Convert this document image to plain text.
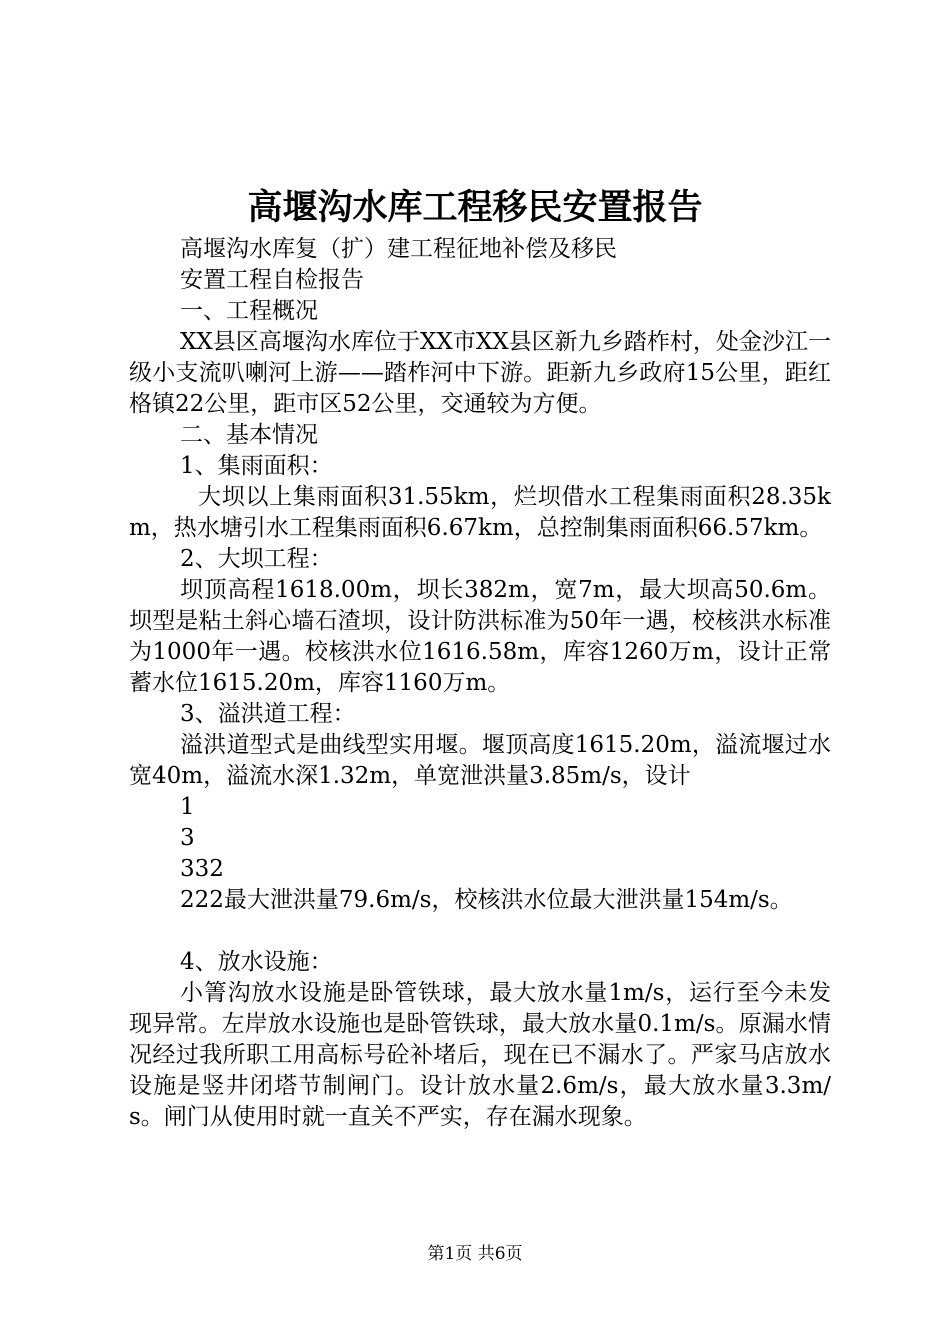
高堰沟水库工程移民安置报告

高堰沟水库复（扩）建工程征地补偿及移民

安置工程自检报告

一、工程概况

XX县区高堰沟水库位于XX市XX县区新九乡踏柞村，处金沙江一级小支流叭喇河上游——踏柞河中下游。距新九乡政府15公里，距红格镇22公里，距市区52公里，交通较为方便。

二、基本情况

1、集雨面积：

大坝以上集雨面积31.55km，烂坝借水工程集雨面积28.35km，热水塘引水工程集雨面积6.67km，总控制集雨面积66.57km。

2、大坝工程：

坝顶高程1618.00m，坝长382m，宽7m，最大坝高50.6m。坝型是粘土斜心墙石渣坝，设计防洪标准为50年一遇，校核洪水标准为1000年一遇。校核洪水位1616.58m，库容1260万m，设计正常蓄水位1615.20m，库容1160万m。

3、溢洪道工程：

溢洪道型式是曲线型实用堰。堰顶高度1615.20m，溢流堰过水宽40m，溢流水深1.32m，单宽泄洪量3.85m/s，设计

1

3

332

222最大泄洪量79.6m/s，校核洪水位最大泄洪量154m/s。

4、放水设施：

小箐沟放水设施是卧管铁球，最大放水量1m/s，运行至今未发现异常。左岸放水设施也是卧管铁球，最大放水量0.1m/s。原漏水情况经过我所职工用高标号砼补堵后，现在已不漏水了。严家马店放水设施是竖井闭塔节制闸门。设计放水量2.6m/s，最大放水量3.3m/s。闸门从使用时就一直关不严实，存在漏水现象。

第1页 共6页
